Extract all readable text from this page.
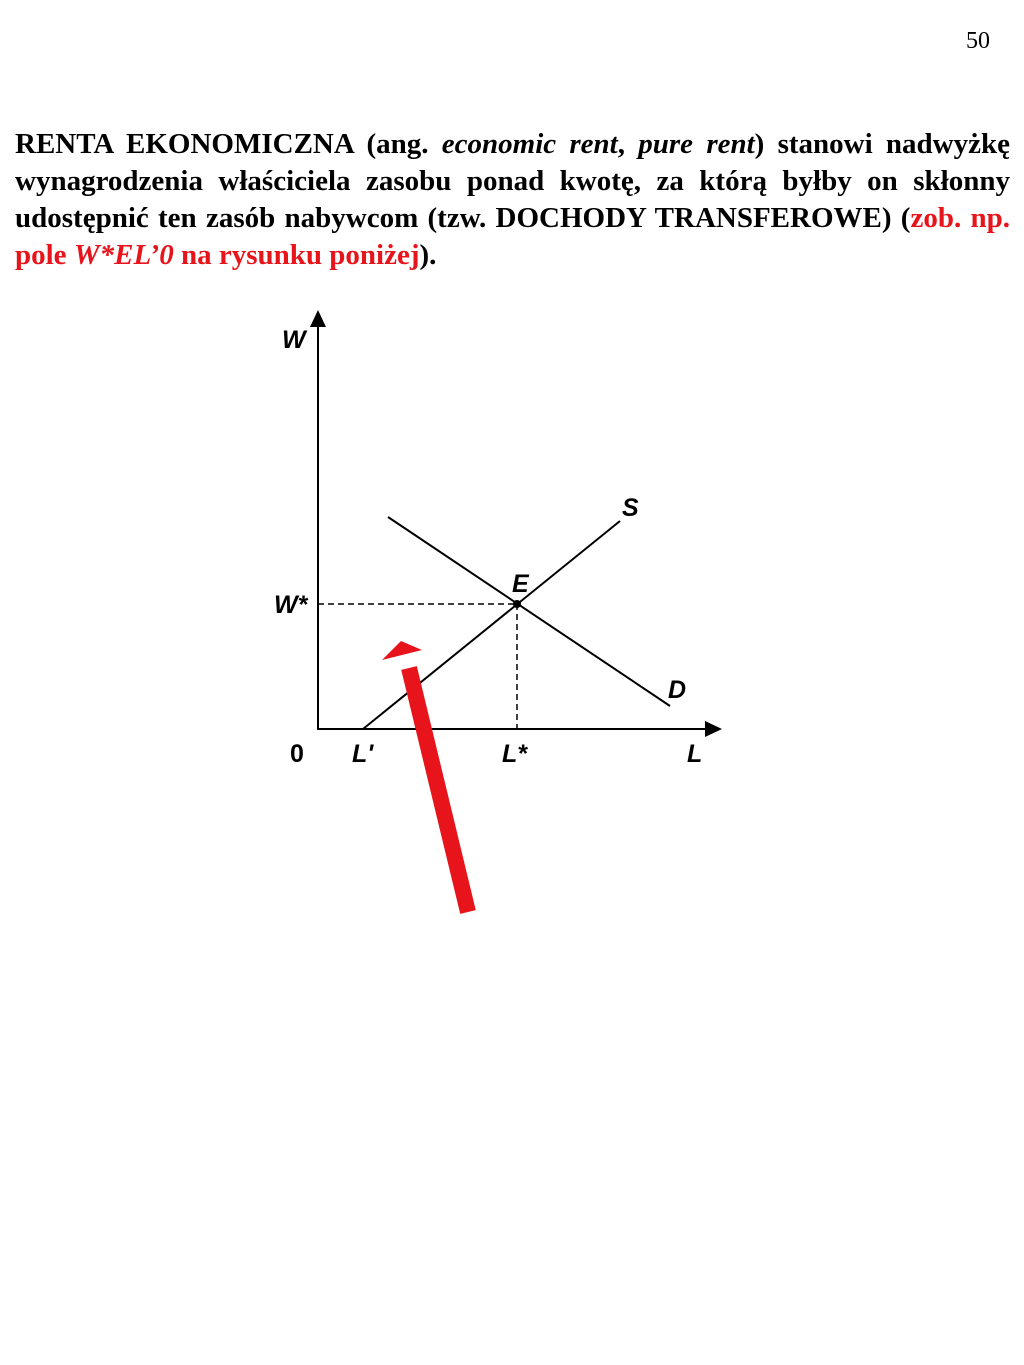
50

RENTA EKONOMICZNA (ang. economic rent, pure rent) stanowi nadwyżkę wynagrodzenia właściciela zasobu ponad kwotę, za którą byłby on skłonny udostępnić ten zasób nabywcom (tzw. DOCHODY TRANSFEROWE) (zob. np. pole W*EL’0 na rysunku poniżej).

W
L
0
W*
E
S
D
L'	L*
